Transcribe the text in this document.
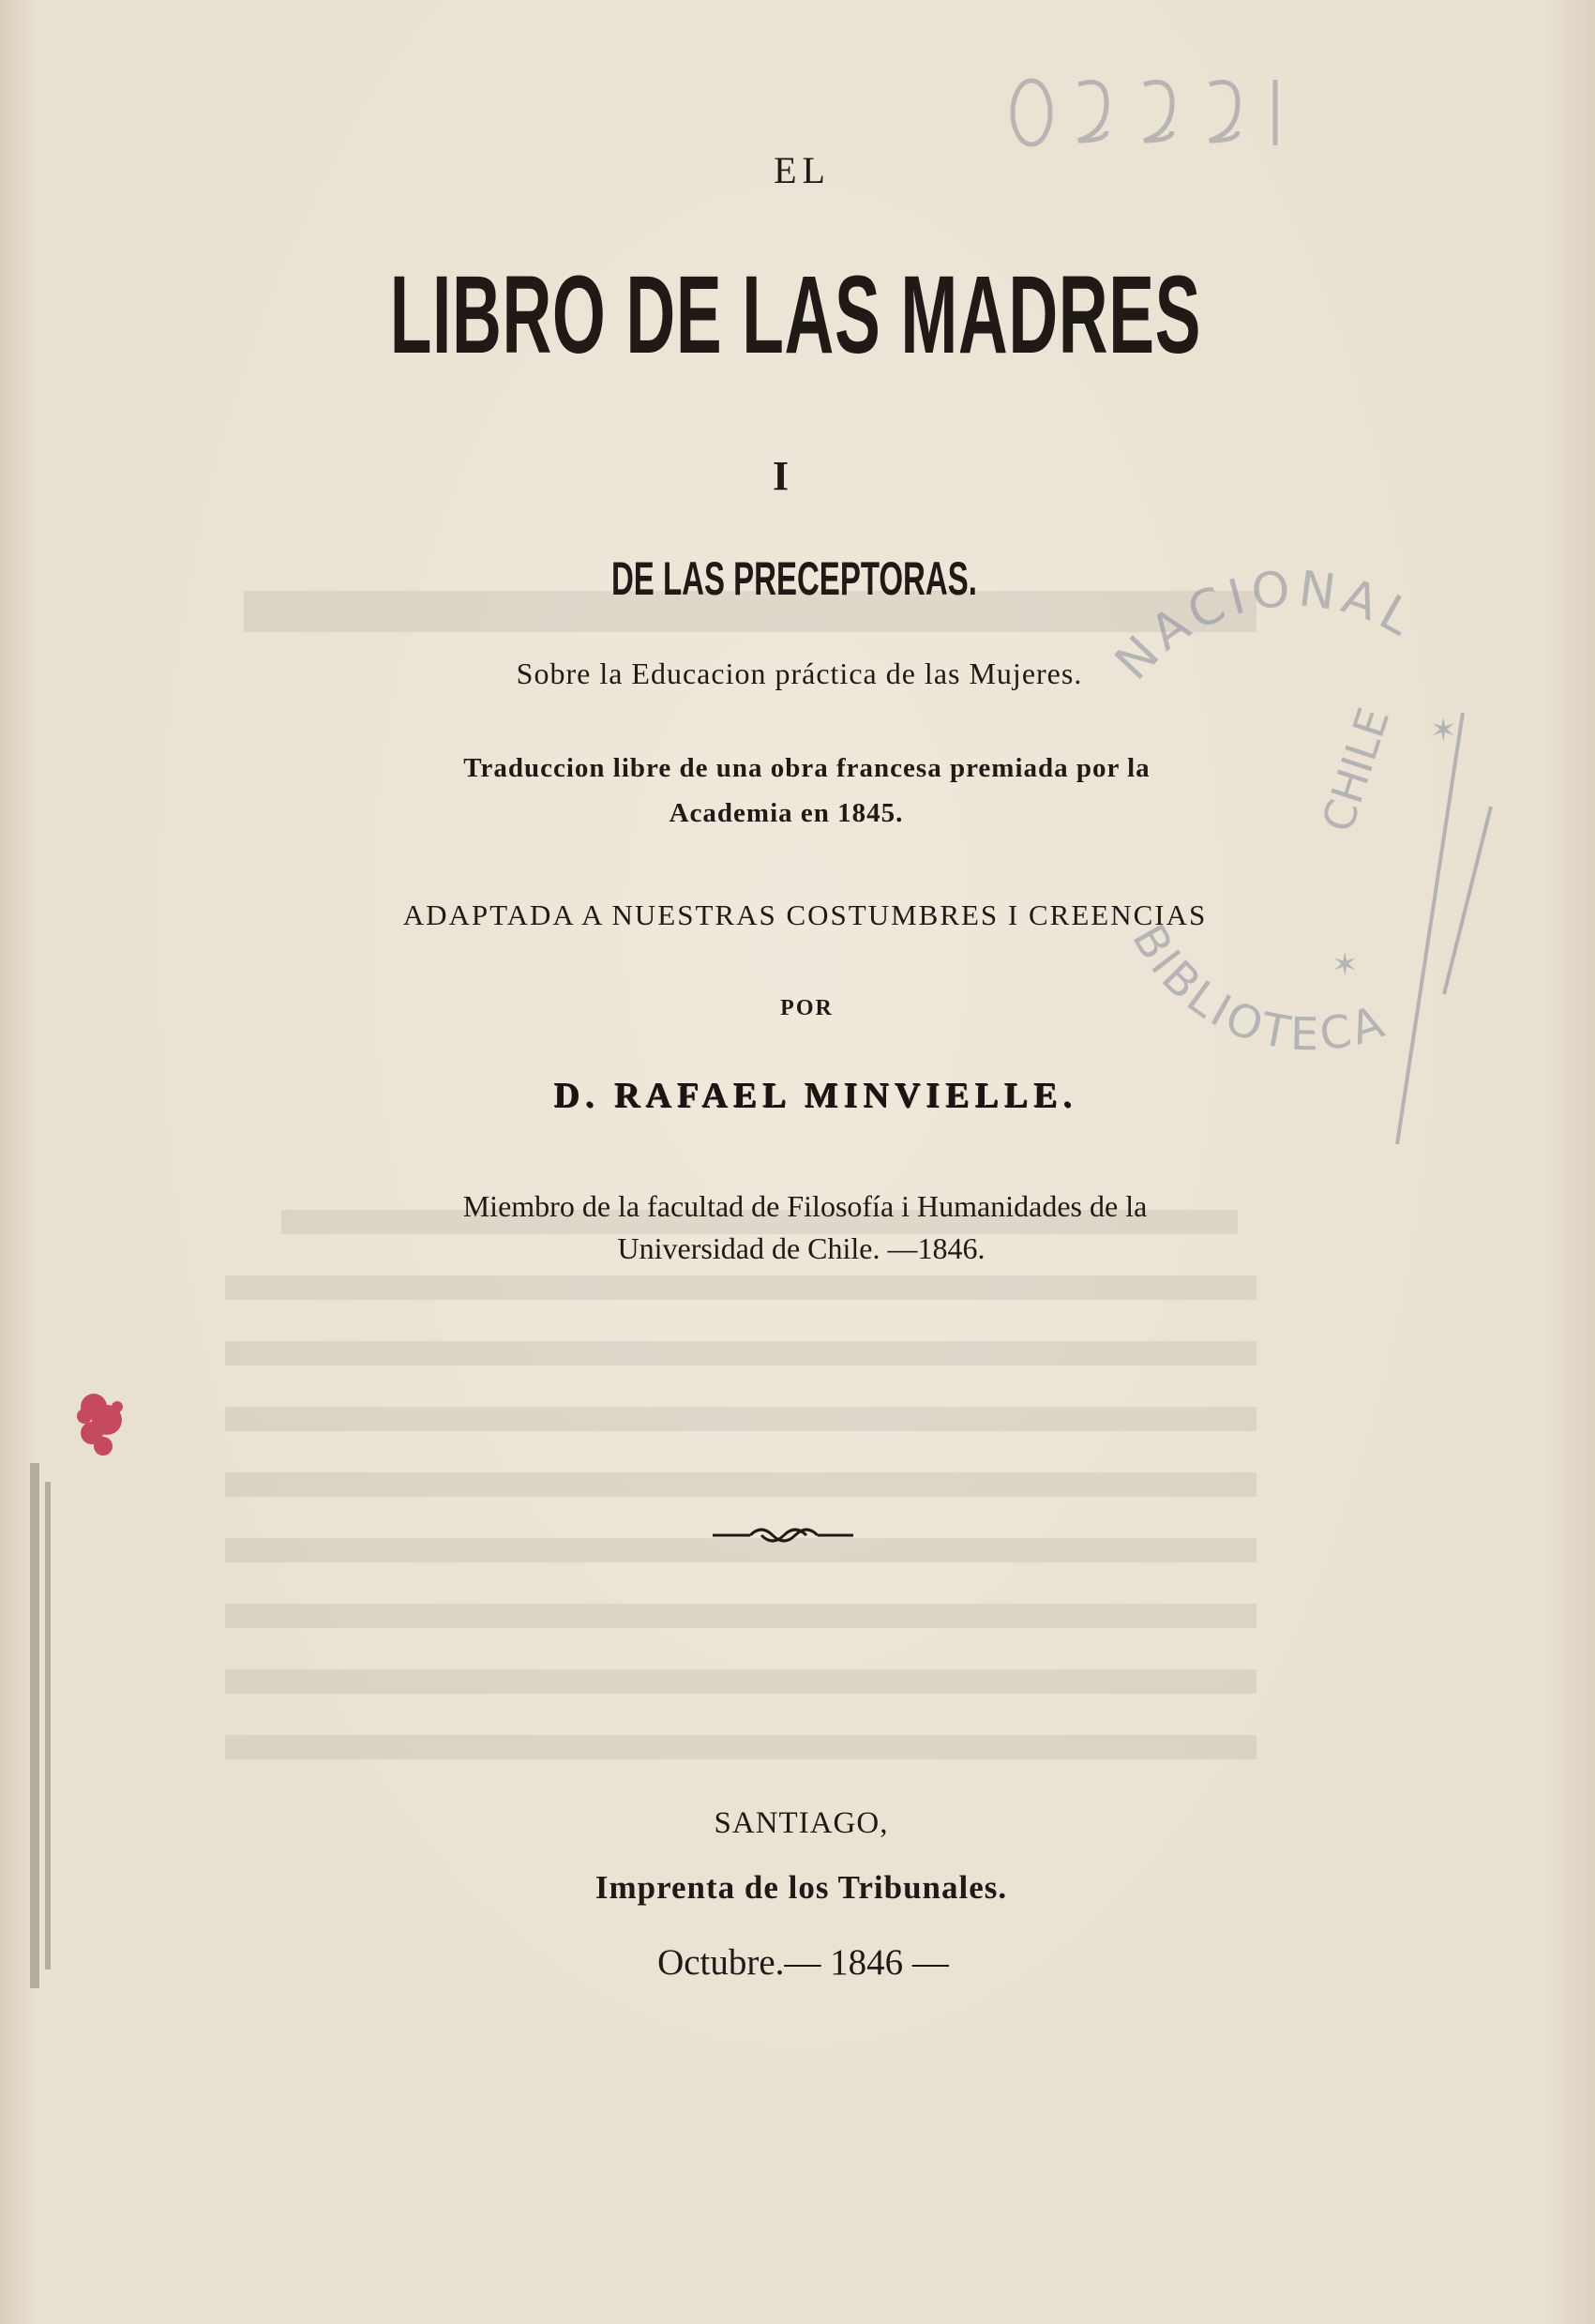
EL
LIBRO DE LAS MADRES
I
DE LAS PRECEPTORAS.
Sobre la Educacion práctica de las Mujeres.
Traduccion libre de una obra francesa premiada por la
Academia en 1845.
ADAPTADA A NUESTRAS COSTUMBRES I CREENCIAS
POR
D. RAFAEL MINVIELLE.
Miembro de la facultad de Filosofía i Humanidades de la
Universidad de Chile. —1846.
SANTIAGO,
Imprenta de los Tribunales.
Octubre.— 1846 —
NACIONAL
CHILE
BIBLIOTECA
✶
✶
